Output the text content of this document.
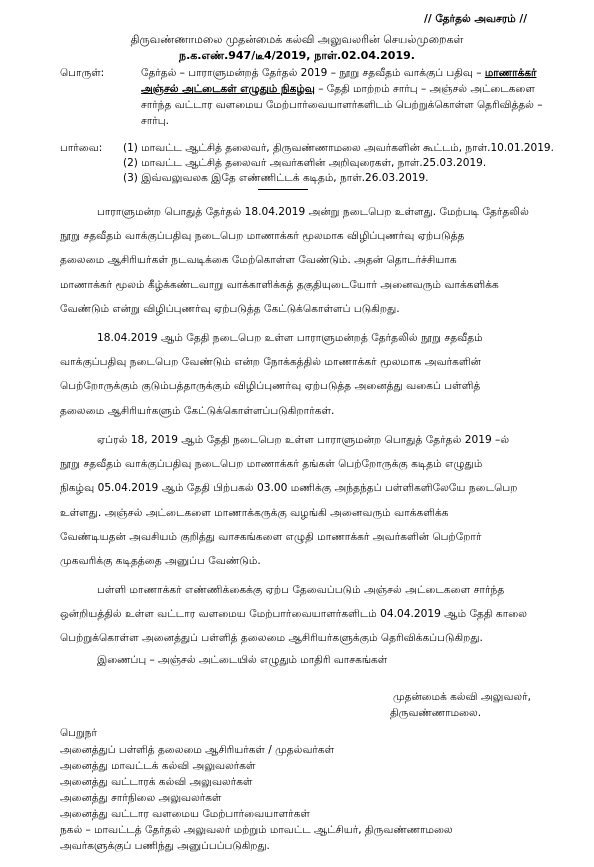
// தேர்தல் அவசரம் //
திருவண்ணாமலை முதன்மைக் கல்வி அலுவலரின் செயல்முறைகள்
ந.க.எண்.947/டீ4/2019, நாள்.02.04.2019.
பொருள்:	தேர்தல் – பாராளுமன்றத் தேர்தல் 2019 – நூறு சதவீதம் வாக்குப் பதிவு – மாணாக்கர்
அஞ்சல் அட்டைகள் எழுதும் நிகழ்வு – தேதி மாற்றம் சார்பு – அஞ்சல் அட்டைகளை
சார்ந்த வட்டார வளமைய மேற்பார்வையாளர்களிடம் பெற்றுக்கொள்ள தெரிவித்தல் –
சார்பு.
பார்வை: (1) மாவட்ட ஆட்சித் தலைவர், திருவண்ணாமலை அவர்களின் கூட்டம், நாள்.10.01.2019.
(2) மாவட்ட ஆட்சித் தலைவர் அவர்களின் அறிவுரைகள், நாள்.25.03.2019.
(3) இவ்வலுவலக இதே எண்ணிட்டக் கடிதம், நாள்.26.03.2019.
பாராளுமன்ற பொதுத் தேர்தல் 18.04.2019 அன்று நடைபெற உள்ளது. மேற்படி தேர்தலில்
நூறு சதவீதம் வாக்குப்பதிவு நடைபெற மாணாக்கர் மூலமாக விழிப்புணர்வு ஏற்படுத்த
தலைமை ஆசிரியர்கள் நடவடிக்கை மேற்கொள்ள வேண்டும். அதன் தொடர்ச்சியாக
மாணாக்கர் மூலம் கீழ்க்கண்டவாறு வாக்காளிக்கத் தகுதியுடையோர் அனைவரும் வாக்களிக்க
வேண்டும் என்று விழிப்புணர்வு ஏற்படுத்த கேட்டுக்கொள்ளப் படுகிறது.
18.04.2019 ஆம் தேதி நடைபெற உள்ள பாராளுமன்றத் தேர்தலில் நூறு சதவீதம்
வாக்குப்பதிவு நடைபெற வேண்டும் என்ற நோக்கத்தில் மாணாக்கர் மூலமாக அவர்களின்
பெற்றோருக்கும் குடும்பத்தாருக்கும் விழிப்புணர்வு ஏற்படுத்த அனைத்து வகைப் பள்ளித்
தலைமை ஆசிரியர்களும் கேட்டுக்கொள்ளப்படுகிறார்கள்.
ஏப்ரல் 18, 2019 ஆம் தேதி நடைபெற உள்ள பாராளுமன்ற பொதுத் தேர்தல் 2019 –ல்
நூறு சதவீதம் வாக்குப்பதிவு நடைபெற மாணாக்கர் தங்கள் பெற்றோருக்கு கடிதம் எழுதும்
நிகழ்வு 05.04.2019 ஆம் தேதி பிற்பகல் 03.00 மணிக்கு அந்தந்தப் பள்ளிகளிலேயே நடைபெற
உள்ளது. அஞ்சல் அட்டைகளை மாணாக்கருக்கு வழங்கி அனைவரும் வாக்களிக்க
வேண்டியதன் அவசியம் குறித்து வாசகங்களை எழுதி மாணாக்கர் அவர்களின் பெற்றோர்
முகவரிக்கு கடிதத்தை அனுப்ப வேண்டும்.
பள்ளி மாணாக்கர் எண்ணிக்கைக்கு ஏற்ப தேவைப்படும் அஞ்சல் அட்டைகளை சார்ந்த
ஒன்றியத்தில் உள்ள வட்டார வளமைய மேற்பார்வையாளர்களிடம் 04.04.2019 ஆம் தேதி காலை
பெற்றுக்கொள்ள அனைத்துப் பள்ளித் தலைமை ஆசிரியர்களுக்கும் தெரிவிக்கப்படுகிறது.
இணைப்பு – அஞ்சல் அட்டையில் எழுதும் மாதிரி வாசகங்கள்
முதன்மைக் கல்வி அலுவலர்,
திருவண்ணாமலை.
பெறுநர்
அனைத்துப் பள்ளித் தலைமை ஆசிரியர்கள் / முதல்வர்கள்
அனைத்து மாவட்டக் கல்வி அலுவலர்கள்
அனைத்து வட்டாரக் கல்வி அலுவலர்கள்
அனைத்து சார்நிலை அலுவலர்கள்
அனைத்து வட்டார வளமைய மேற்பார்வையாளர்கள்
நகல் – மாவட்டத் தேர்தல் அலுவலர் மற்றும் மாவட்ட ஆட்சியர், திருவண்ணாமலை
அவர்களுக்குப் பணிந்து அனுப்பப்படுகிறது.
